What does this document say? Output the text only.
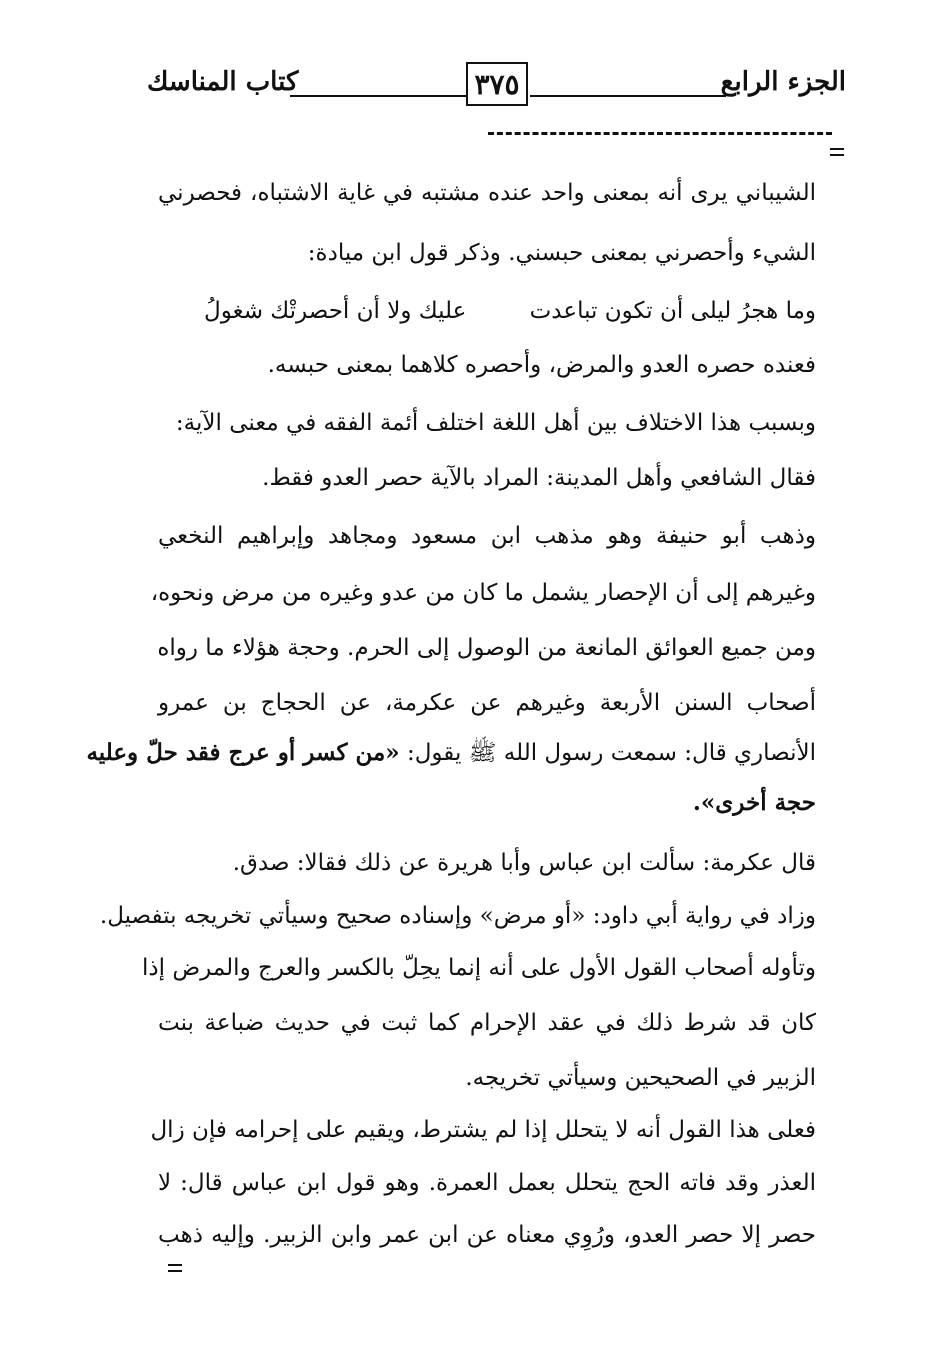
الجزء الرابع
٣٧٥
كتاب المناسك
الشيباني يرى أنه بمعنى واحد عنده مشتبه في غاية الاشتباه، فحصرني
الشيء وأحصرني بمعنى حبسني. وذكر قول ابن ميادة:
وما هجرُ ليلى أن تكون تباعدت
عليك ولا أن أحصرتْك شغولُ
فعنده حصره العدو والمرض، وأحصره كلاهما بمعنى حبسه.
وبسبب هذا الاختلاف بين أهل اللغة اختلف أئمة الفقه في معنى الآية:
فقال الشافعي وأهل المدينة: المراد بالآية حصر العدو فقط.
وذهب أبو حنيفة وهو مذهب ابن مسعود ومجاهد وإبراهيم النخعي
وغيرهم إلى أن الإحصار يشمل ما كان من عدو وغيره من مرض ونحوه،
ومن جميع العوائق المانعة من الوصول إلى الحرم. وحجة هؤلاء ما رواه
أصحاب السنن الأربعة وغيرهم عن عكرمة، عن الحجاج بن عمرو
الأنصاري قال: سمعت رسول الله ﷺ يقول: «من كسر أو عرج فقد حلّ وعليه
حجة أخرى».
قال عكرمة: سألت ابن عباس وأبا هريرة عن ذلك فقالا: صدق.
وزاد في رواية أبي داود: «أو مرض» وإسناده صحيح وسيأتي تخريجه بتفصيل.
وتأوله أصحاب القول الأول على أنه إنما يحِلّ بالكسر والعرج والمرض إذا
كان قد شرط ذلك في عقد الإحرام كما ثبت في حديث ضباعة بنت
الزبير في الصحيحين وسيأتي تخريجه.
فعلى هذا القول أنه لا يتحلل إذا لم يشترط، ويقيم على إحرامه فإن زال
العذر وقد فاته الحج يتحلل بعمل العمرة. وهو قول ابن عباس قال: لا
حصر إلا حصر العدو، ورُوِي معناه عن ابن عمر وابن الزبير. وإليه ذهب
